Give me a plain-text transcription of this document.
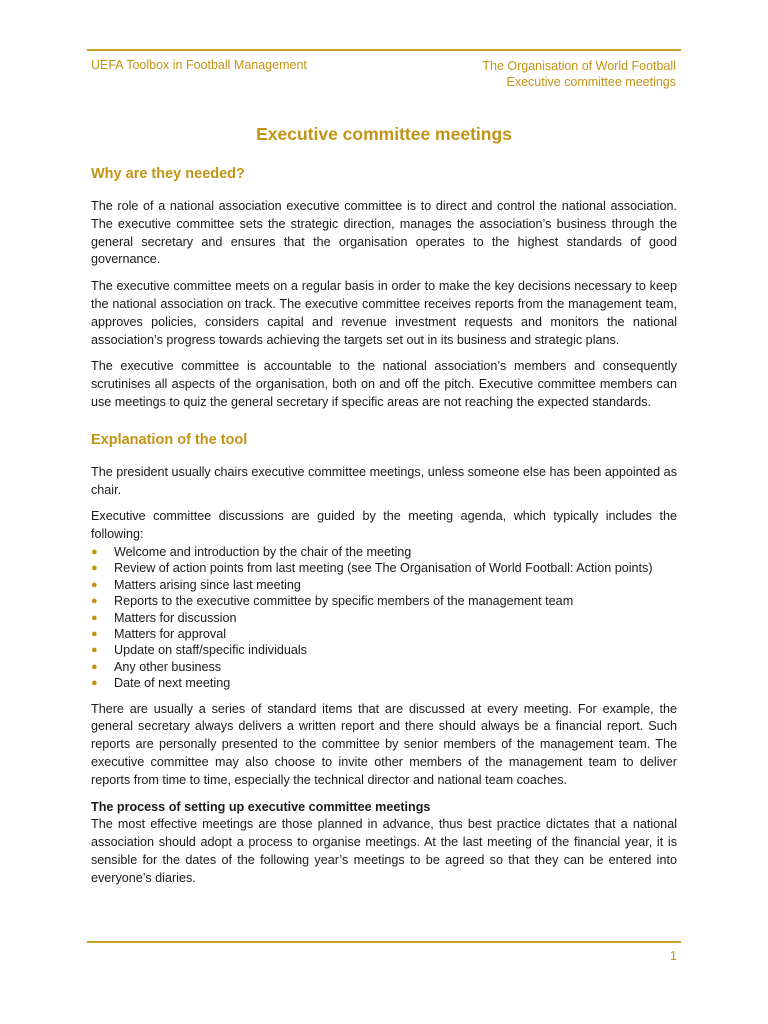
UEFA Toolbox in Football Management	The Organisation of World Football
Executive committee meetings
Executive committee meetings
Why are they needed?

The role of a national association executive committee is to direct and control the national association. The executive committee sets the strategic direction, manages the association’s business through the general secretary and ensures that the organisation operates to the highest standards of good governance.

The executive committee meets on a regular basis in order to make the key decisions necessary to keep the national association on track. The executive committee receives reports from the management team, approves policies, considers capital and revenue investment requests and monitors the national association’s progress towards achieving the targets set out in its business and strategic plans.

The executive committee is accountable to the national association’s members and consequently scrutinises all aspects of the organisation, both on and off the pitch. Executive committee members can use meetings to quiz the general secretary if specific areas are not reaching the expected standards.

Explanation of the tool

The president usually chairs executive committee meetings, unless someone else has been appointed as chair.

Executive committee discussions are guided by the meeting agenda, which typically includes the following:

● Welcome and introduction by the chair of the meeting
● Review of action points from last meeting (see The Organisation of World Football: Action points)
● Matters arising since last meeting
● Reports to the executive committee by specific members of the management team
● Matters for discussion
● Matters for approval
● Update on staff/specific individuals
● Any other business
● Date of next meeting

There are usually a series of standard items that are discussed at every meeting. For example, the general secretary always delivers a written report and there should always be a financial report. Such reports are personally presented to the committee by senior members of the management team. The executive committee may also choose to invite other members of the management team to deliver reports from time to time, especially the technical director and national team coaches.

The process of setting up executive committee meetings

The most effective meetings are those planned in advance, thus best practice dictates that a national association should adopt a process to organise meetings. At the last meeting of the financial year, it is sensible for the dates of the following year’s meetings to be agreed so that they can be entered into everyone’s diaries.

1
